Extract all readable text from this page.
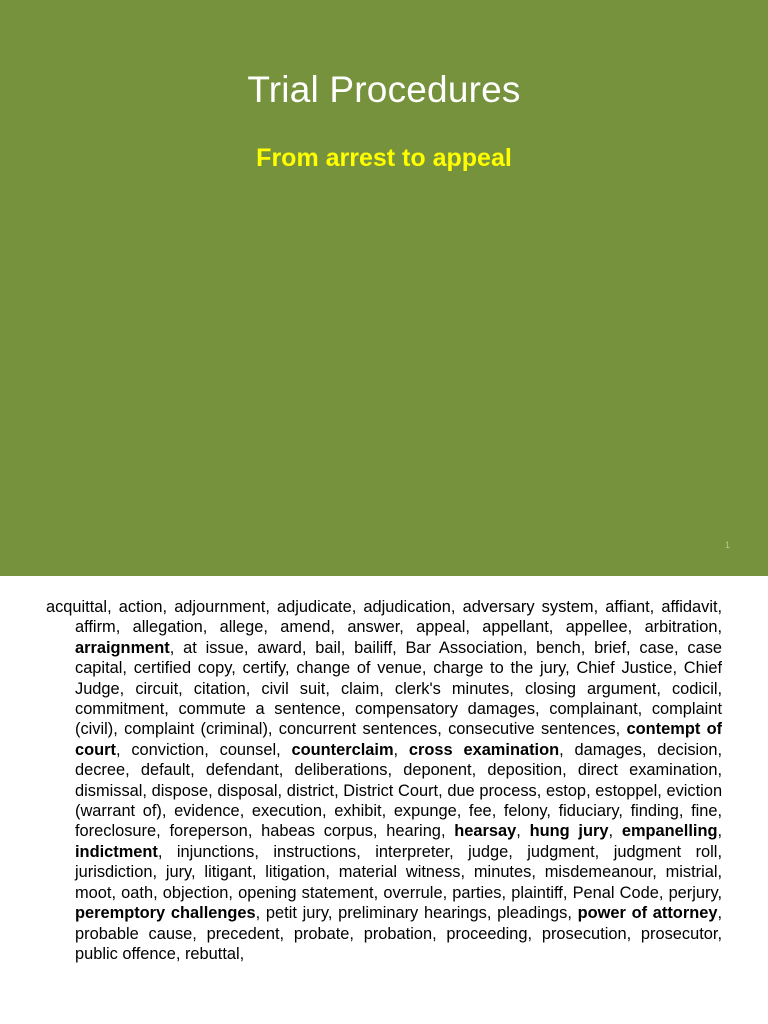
Trial Procedures
From arrest to appeal
1

acquittal, action, adjournment, adjudicate, adjudication, adversary system, affiant, affidavit, affirm, allegation, allege, amend, answer, appeal, appellant, appellee, arbitration, arraignment, at issue, award, bail, bailiff, Bar Association, bench, brief, case, case capital, certified copy, certify, change of venue, charge to the jury, Chief Justice, Chief Judge, circuit, citation, civil suit, claim, clerk's minutes, closing argument, codicil, commitment, commute a sentence, compensatory damages, complainant, complaint (civil), complaint (criminal), concurrent sentences, consecutive sentences, contempt of court, conviction, counsel, counterclaim, cross examination, damages, decision, decree, default, defendant, deliberations, deponent, deposition, direct examination, dismissal, dispose, disposal, district, District Court, due process, estop, estoppel, eviction (warrant of), evidence, execution, exhibit, expunge, fee, felony, fiduciary, finding, fine, foreclosure, foreperson, habeas corpus, hearing, hearsay, hung jury, empanelling, indictment, injunctions, instructions, interpreter, judge, judgment, judgment roll, jurisdiction, jury, litigant, litigation, material witness, minutes, misdemeanour, mistrial, moot, oath, objection, opening statement, overrule, parties, plaintiff, Penal Code, perjury, peremptory challenges, petit jury, preliminary hearings, pleadings, power of attorney, probable cause, precedent, probate, probation, proceeding, prosecution, prosecutor, public offence, rebuttal,
